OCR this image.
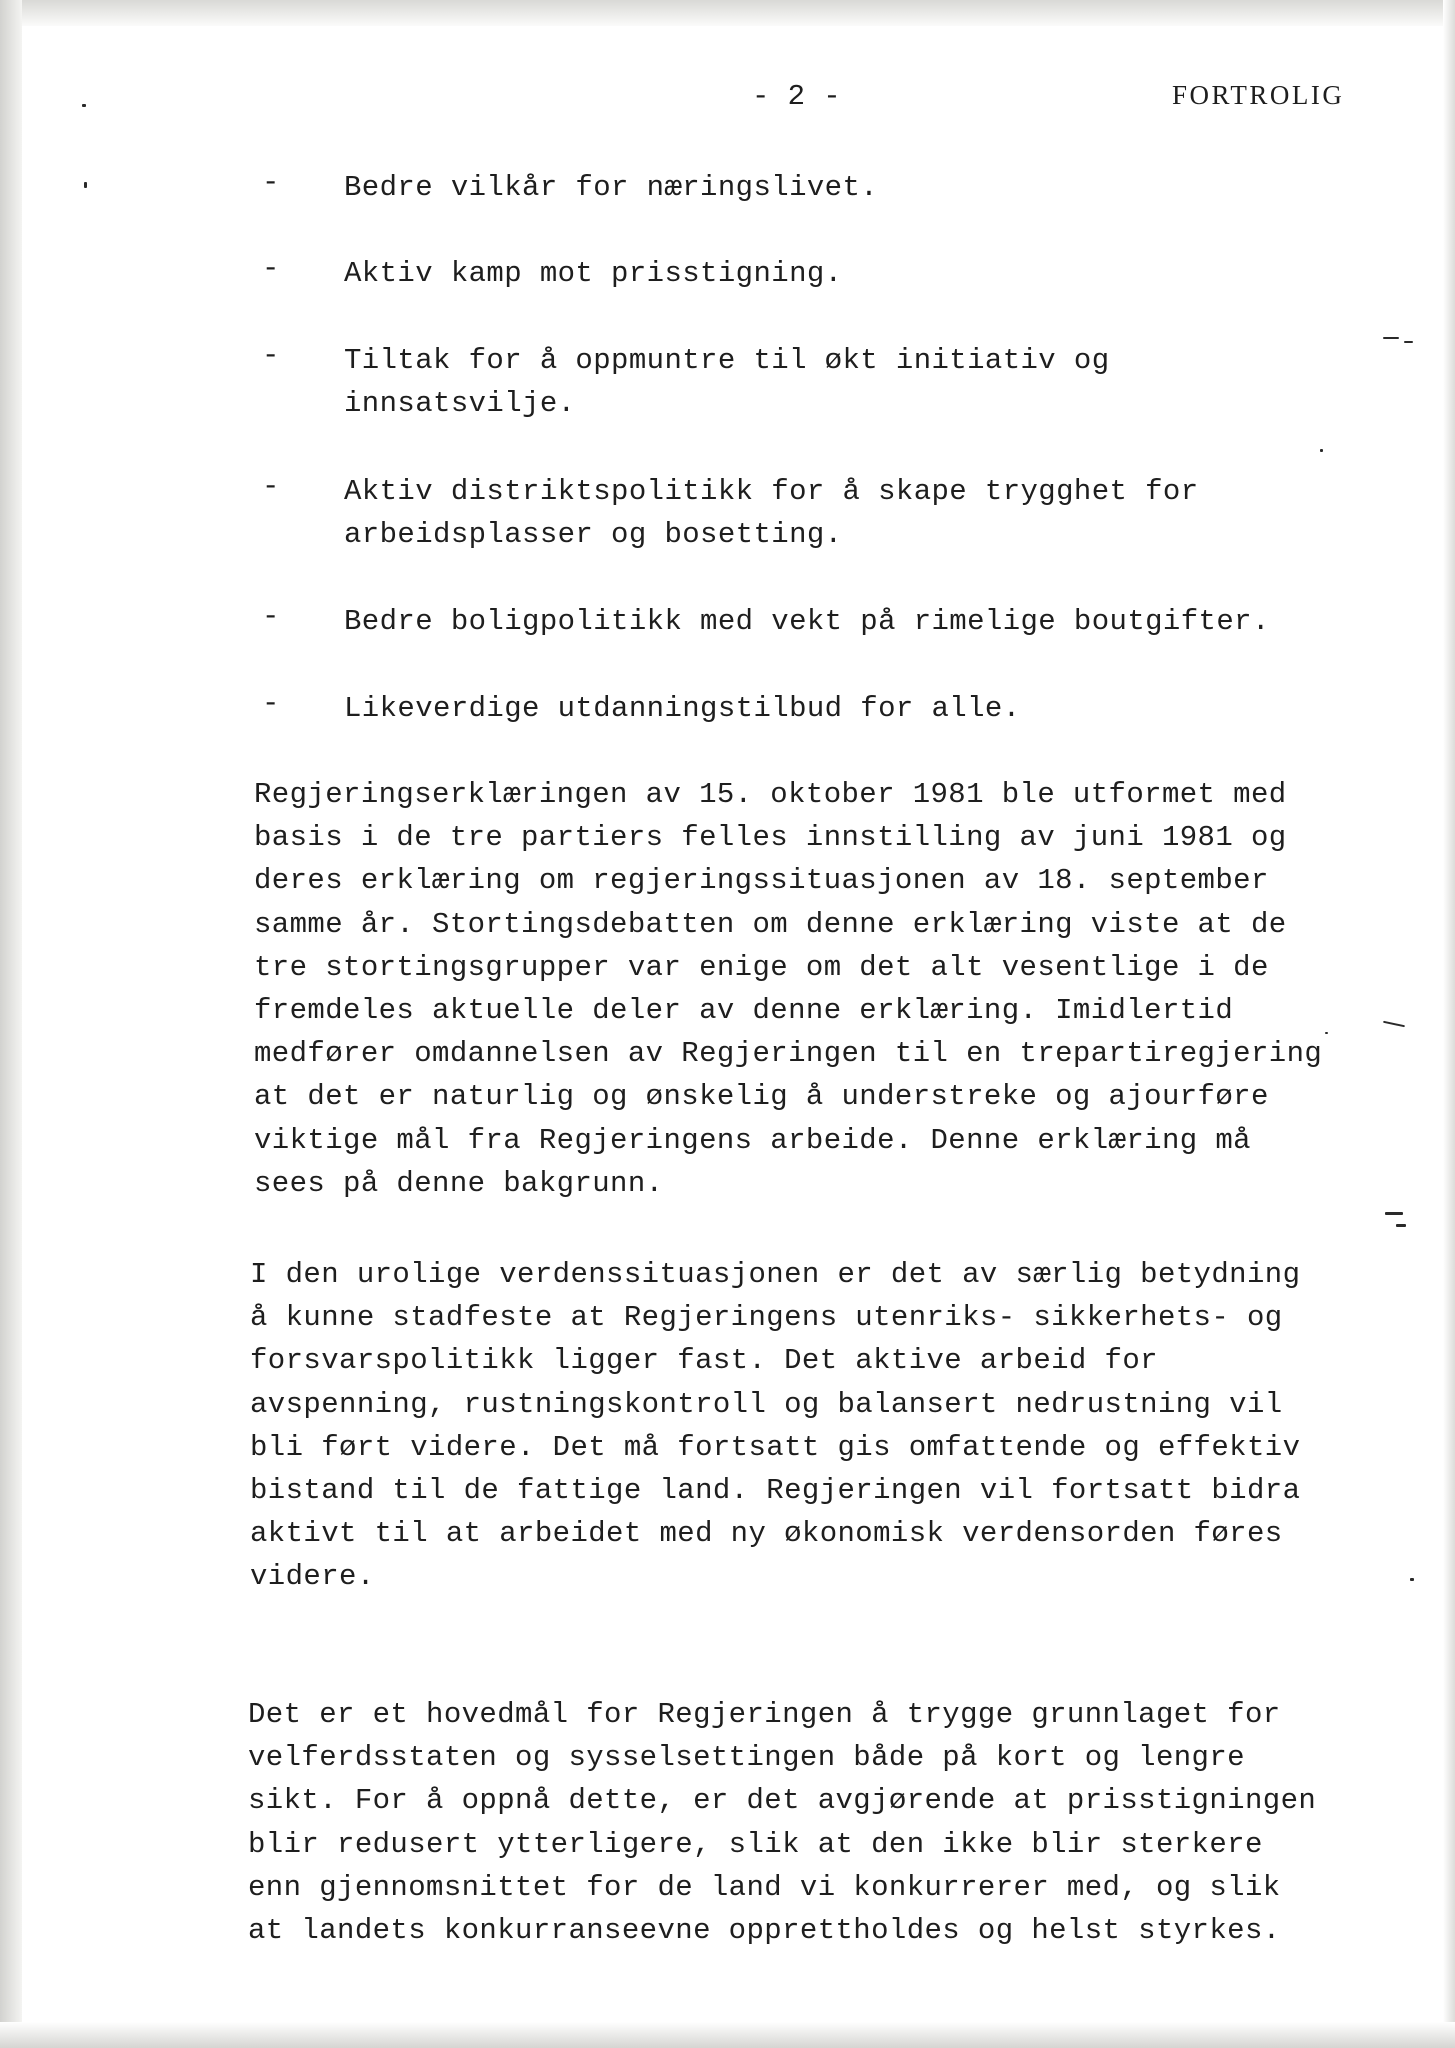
- 2 -	FORTROLIG
- Bedre vilkår for næringslivet.
- Aktiv kamp mot prisstigning.
- Tiltak for å oppmuntre til økt initiativ og
innsatsvilje.
- Aktiv distriktspolitikk for å skape trygghet for
arbeidsplasser og bosetting.
- Bedre boligpolitikk med vekt på rimelige boutgifter.
- Likeverdige utdanningstilbud for alle.
Regjeringserklæringen av 15. oktober 1981 ble utformet med
basis i de tre partiers felles innstilling av juni 1981 og
deres erklæring om regjeringssituasjonen av 18. september
samme år. Stortingsdebatten om denne erklæring viste at de
tre stortingsgrupper var enige om det alt vesentlige i de
fremdeles aktuelle deler av denne erklæring. Imidlertid
medfører omdannelsen av Regjeringen til en trepartiregjering
at det er naturlig og ønskelig å understreke og ajourføre
viktige mål fra Regjeringens arbeide. Denne erklæring må
sees på denne bakgrunn.
I den urolige verdenssituasjonen er det av særlig betydning
å kunne stadfeste at Regjeringens utenriks- sikkerhets- og
forsvarspolitikk ligger fast. Det aktive arbeid for
avspenning, rustningskontroll og balansert nedrustning vil
bli ført videre. Det må fortsatt gis omfattende og effektiv
bistand til de fattige land. Regjeringen vil fortsatt bidra
aktivt til at arbeidet med ny økonomisk verdensorden føres
videre.
Det er et hovedmål for Regjeringen å trygge grunnlaget for
velferdsstaten og sysselsettingen både på kort og lengre
sikt. For å oppnå dette, er det avgjørende at prisstigningen
blir redusert ytterligere, slik at den ikke blir sterkere
enn gjennomsnittet for de land vi konkurrerer med, og slik
at landets konkurranseevne opprettholdes og helst styrkes.
